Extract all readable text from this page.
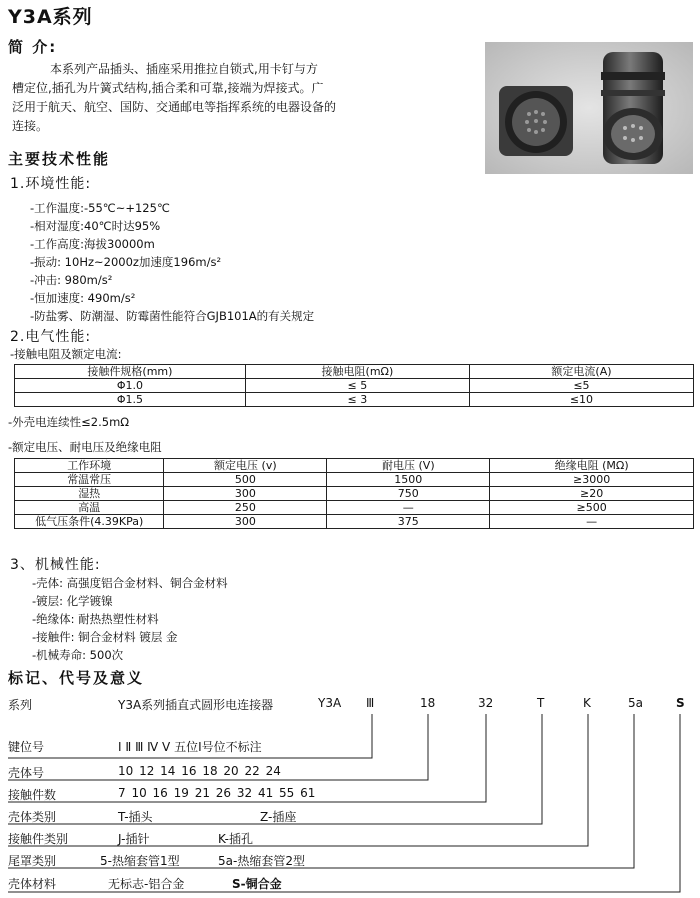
Y3A系列
简 介:
本系列产品插头、插座采用推拉自锁式,用卡钉与方
槽定位,插孔为片簧式结构,插合柔和可靠,接端为焊接式。广
泛用于航天、航空、国防、交通邮电等指挥系统的电器设备的
连接。
主要技术性能
1.环境性能:
-工作温度:-55℃~+125℃
-相对湿度:40℃时达95%
-工作高度:海拔30000m
-振动: 10Hz~2000z加速度196m/s²
-冲击: 980m/s²
-恒加速度: 490m/s²
-防盐雾、防潮湿、防霉菌性能符合GJB101A的有关规定
2.电气性能:
-接触电阻及额定电流:
接触件规格(mm)	接触电阻(mΩ)	额定电流(A)
Φ1.0	≤ 5	≤5
Φ1.5	≤ 3	≤10
-外壳电连续性≤2.5mΩ
-额定电压、耐电压及绝缘电阻
工作环境	额定电压 (v)	耐电压 (V)	绝缘电阻 (MΩ)
常温常压	500	1500	≥3000
湿热	300	750	≥20
高温	250	—	≥500
低气压条件(4.39KPa)	300	375	—
3、机械性能:
-壳体: 高强度铝合金材料、铜合金材料
-镀层: 化学镀镍
-绝缘体: 耐热热塑性材料
-接触件: 铜合金材料 镀层 金
-机械寿命: 500次
标记、代号及意义
系列	Y3A系列插直式圆形电连接器	Y3A Ⅲ	18	32	T	K	5a	S
键位号	Ⅰ Ⅱ Ⅲ Ⅳ Ⅴ 五位Ⅰ号位不标注
壳体号	10 12 14 16 18 20 22 24
接触件数	7 10 16 19 21 26 32 41 55 61
壳体类别	T-插头	Z-插座
接触件类别	J-插针	K-插孔
尾罩类别	5-热缩套管1型	5a-热缩套管2型
壳体材料	无标志-铝合金	S-铜合金
